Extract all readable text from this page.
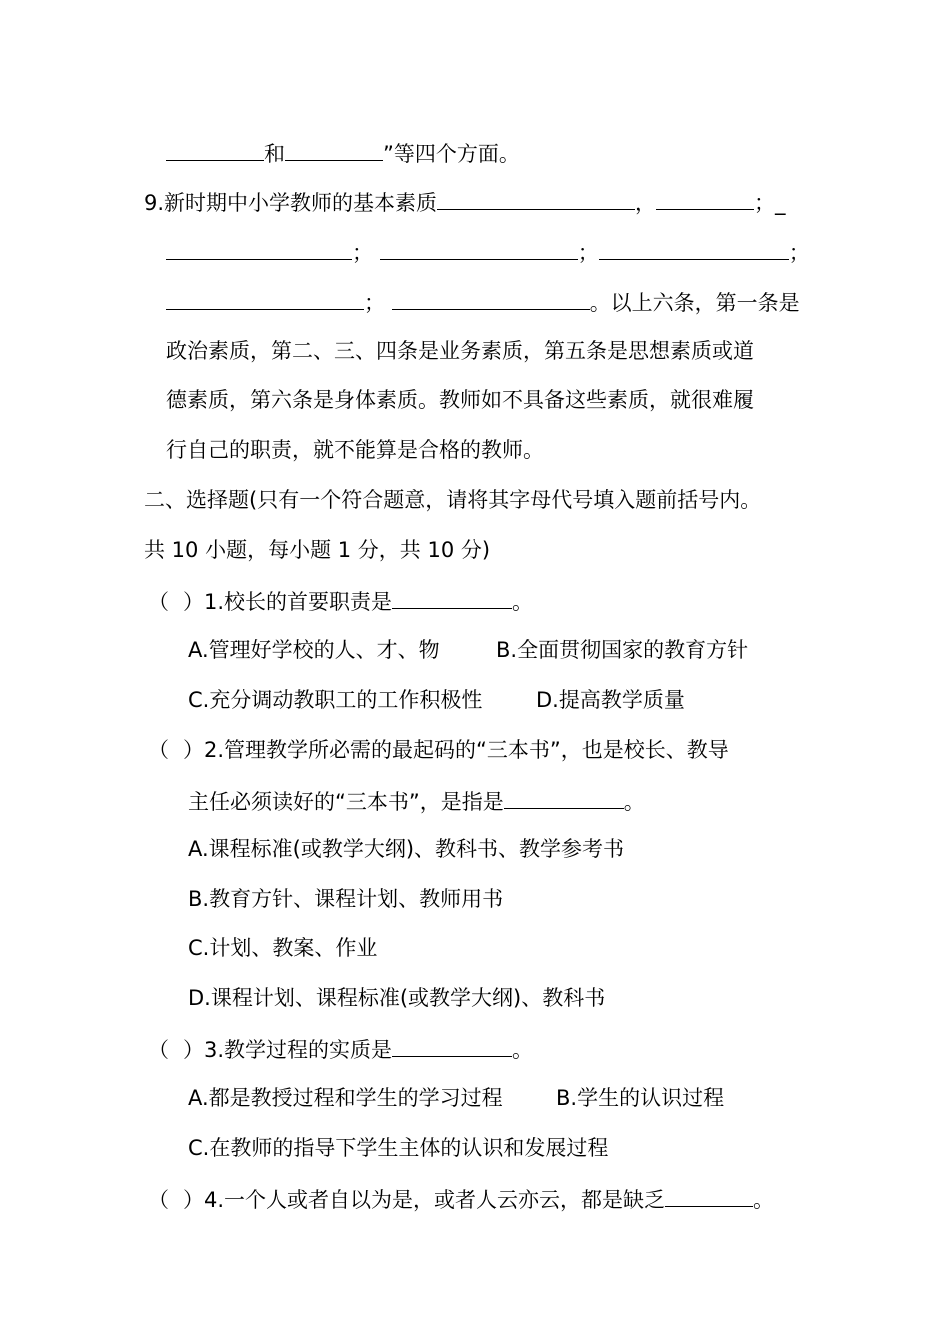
和	”等四个方面。
9.新时期中小学教师的基本素质	，	；_
；	；	；
；	。以上六条，第一条是
政治素质，第二、三、四条是业务素质，第五条是思想素质或道
德素质，第六条是身体素质。教师如不具备这些素质，就很难履
行自己的职责，就不能算是合格的教师。
二、选择题(只有一个符合题意，请将其字母代号填入题前括号内。
共 10 小题，每小题 1 分，共 10 分)
（ ）1.校长的首要职责是	。
A.管理好学校的人、才、物	B.全面贯彻国家的教育方针
C.充分调动教职工的工作积极性	D.提高教学质量
（ ）2.管理教学所必需的最起码的“三本书”，也是校长、教导
主任必须读好的“三本书”，是指是	。
A.课程标准(或教学大纲)、教科书、教学参考书
B.教育方针、课程计划、教师用书
C.计划、教案、作业
D.课程计划、课程标准(或教学大纲)、教科书
（ ）3.教学过程的实质是	。
A.都是教授过程和学生的学习过程	B.学生的认识过程
C.在教师的指导下学生主体的认识和发展过程
（ ）4.一个人或者自以为是，或者人云亦云，都是缺乏	。
